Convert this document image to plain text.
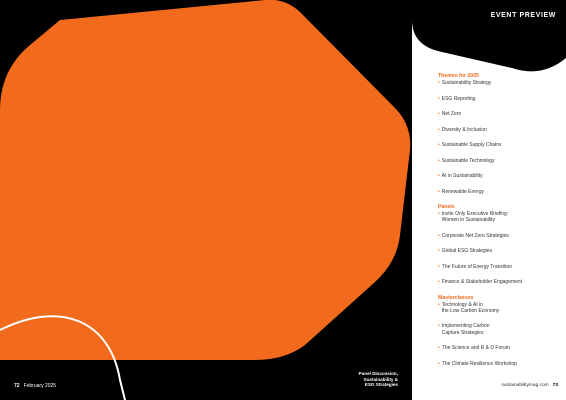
Panel Discussion,
Sustainability &
ESG Strategies
72 February 2025
EVENT PREVIEW
Themes for 2025
• Sustainability Strategy
• ESG Reporting
• Net Zero
• Diversity & Inclusion
• Sustainable Supply Chains
• Sustainable Technology
• AI in Sustainability
• Renewable Energy
Panels
• Invite Only Executive Briefing:
Women in Sustainability
• Corporate Net Zero Strategies
• Global ESG Strategies
• The Future of Energy Transition
• Finance & Stakeholder Engagement
Masterclasses
• Technology & AI in
the Low Carbon Economy
• Implementing Carbon
Capture Strategies
• The Science and R & D Forum
• The Climate Resilience Workshop
sustainabilitymag.com 73
